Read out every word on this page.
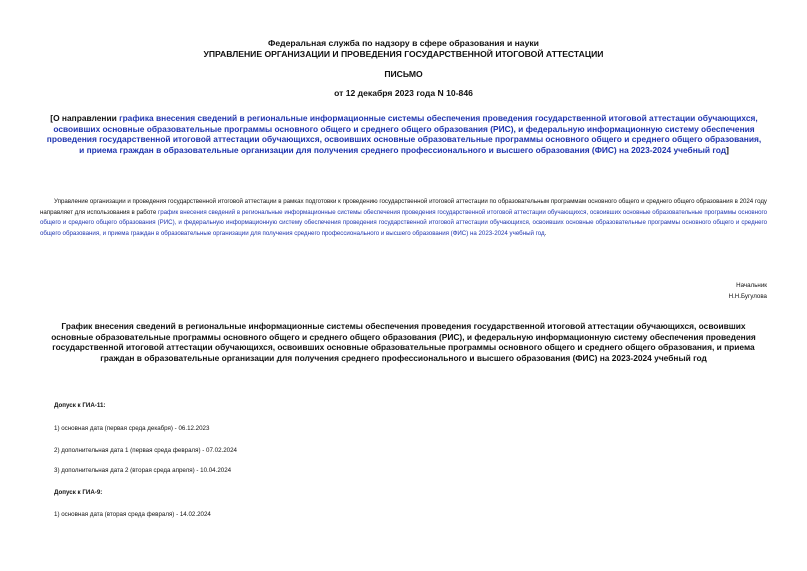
Федеральная служба по надзору в сфере образования и науки
УПРАВЛЕНИЕ ОРГАНИЗАЦИИ И ПРОВЕДЕНИЯ ГОСУДАРСТВЕННОЙ ИТОГОВОЙ АТТЕСТАЦИИ
ПИСЬМО
от 12 декабря 2023 года N 10-846
[О направлении графика внесения сведений в региональные информационные системы обеспечения проведения государственной итоговой аттестации обучающихся, освоивших основные образовательные программы основного общего и среднего общего образования (РИС), и федеральную информационную систему обеспечения проведения государственной итоговой аттестации обучающихся, освоивших основные образовательные программы основного общего и среднего общего образования, и приема граждан в образовательные организации для получения среднего профессионального и высшего образования (ФИС) на 2023-2024 учебный год]
Управление организации и проведения государственной итоговой аттестации в рамках подготовки к проведению государственной итоговой аттестации по образовательным программам основного общего и среднего общего образования в 2024 году направляет для использования в работе график внесения сведений в региональные информационные системы обеспечения проведения государственной итоговой аттестации обучающихся, освоивших основные образовательные программы основного общего и среднего общего образования (РИС), и федеральную информационную систему обеспечения проведения государственной итоговой аттестации обучающихся, освоивших основные образовательные программы основного общего и среднего общего образования, и приема граждан в образовательные организации для получения среднего профессионального и высшего образования (ФИС) на 2023-2024 учебный год.
Начальник
Н.Н.Бугулова
График внесения сведений в региональные информационные системы обеспечения проведения государственной итоговой аттестации обучающихся, освоивших основные образовательные программы основного общего и среднего общего образования (РИС), и федеральную информационную систему обеспечения проведения государственной итоговой аттестации обучающихся, освоивших основные образовательные программы основного общего и среднего общего образования, и приема граждан в образовательные организации для получения среднего профессионального и высшего образования (ФИС) на 2023-2024 учебный год
Допуск к ГИА-11:
1) основная дата (первая среда декабря) - 06.12.2023
2) дополнительная дата 1 (первая среда февраля) - 07.02.2024
3) дополнительная дата 2 (вторая среда апреля) - 10.04.2024
Допуск к ГИА-9:
1) основная дата (вторая среда февраля) - 14.02.2024
